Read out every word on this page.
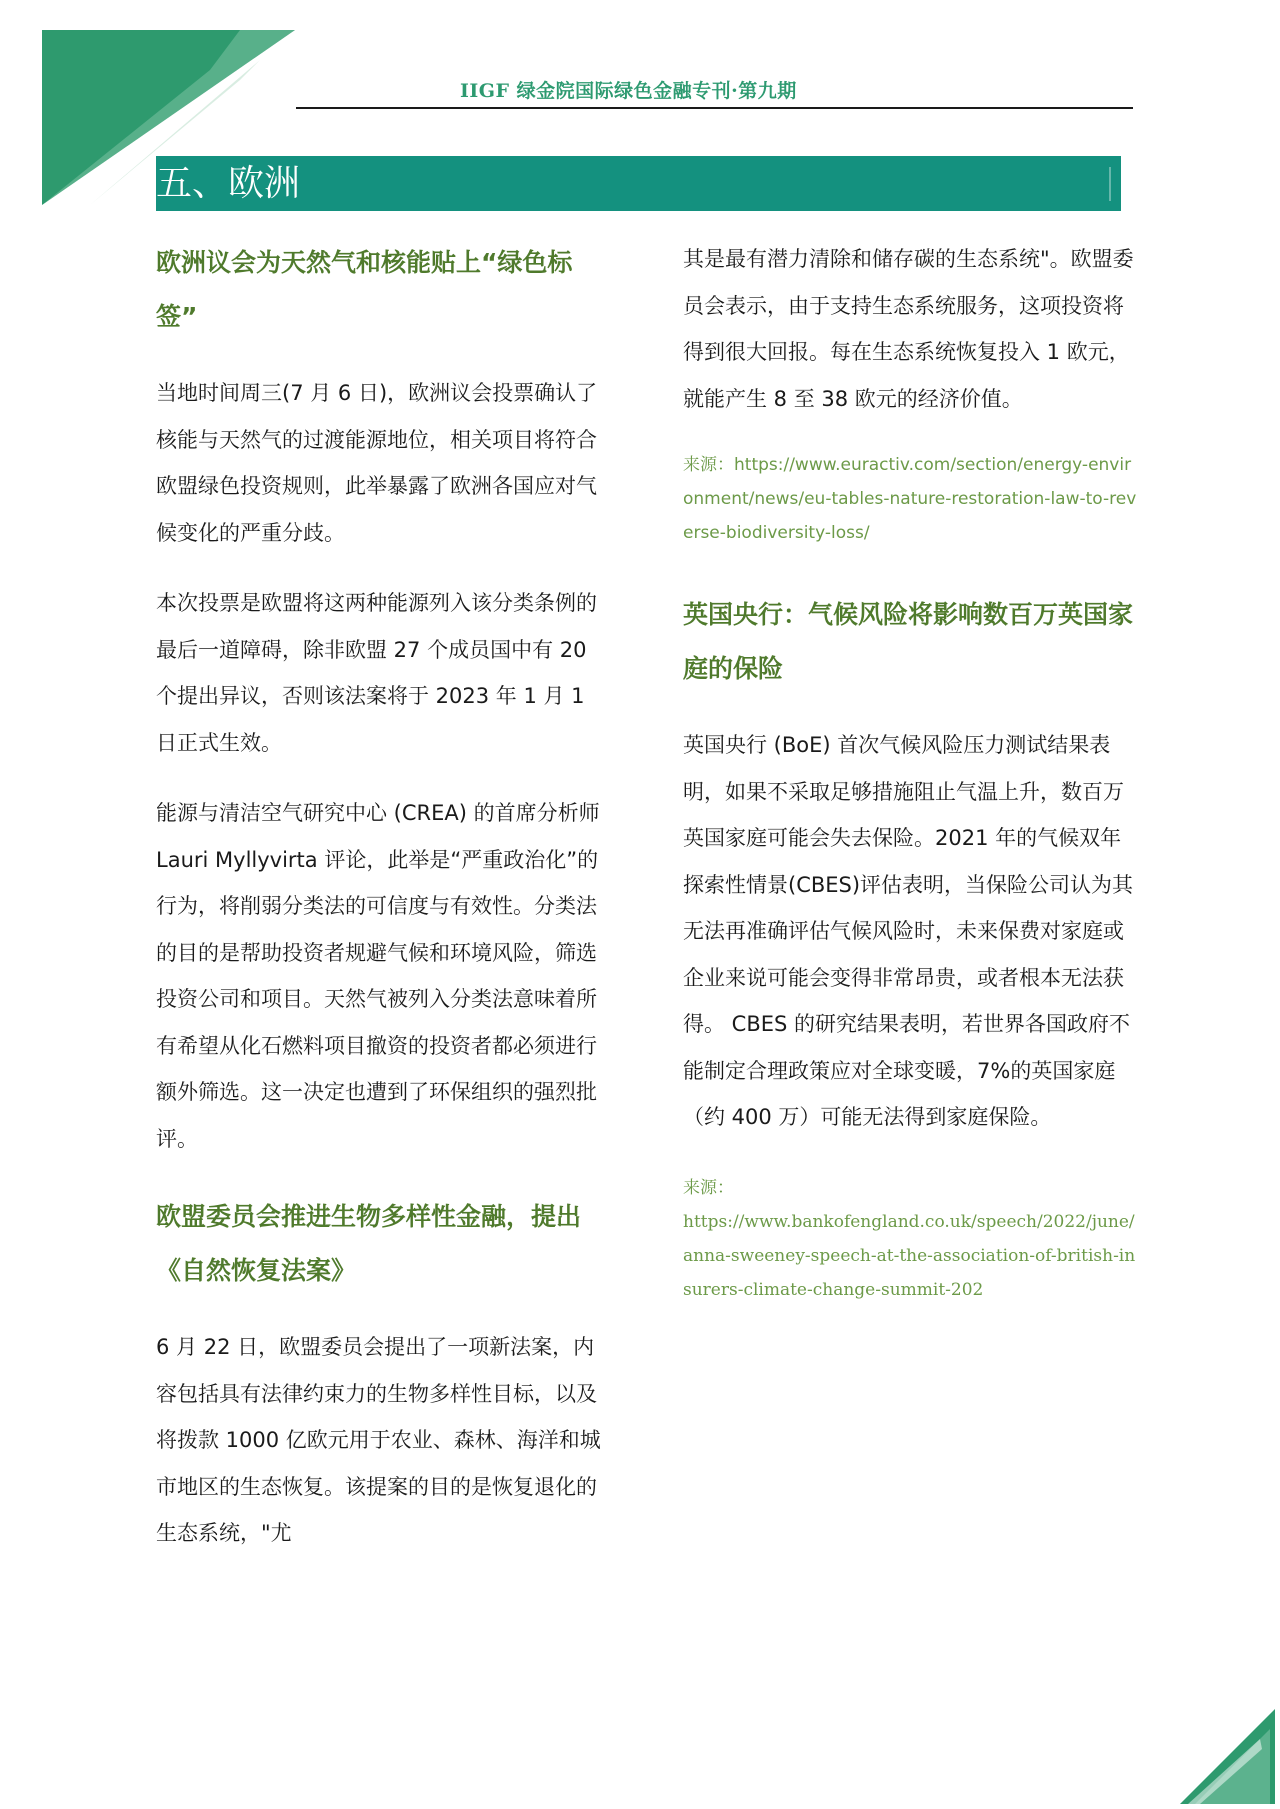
IIGF 绿金院国际绿色金融专刊·第九期
五、欧洲
欧洲议会为天然气和核能贴上“绿色标签”

当地时间周三(7 月 6 日)，欧洲议会投票确认了核能与天然气的过渡能源地位，相关项目将符合欧盟绿色投资规则，此举暴露了欧洲各国应对气候变化的严重分歧。

本次投票是欧盟将这两种能源列入该分类条例的最后一道障碍，除非欧盟 27 个成员国中有 20 个提出异议，否则该法案将于 2023 年 1 月 1 日正式生效。

能源与清洁空气研究中心 (CREA) 的首席分析师 Lauri Myllyvirta 评论，此举是“严重政治化”的行为，将削弱分类法的可信度与有效性。分类法的目的是帮助投资者规避气候和环境风险，筛选投资公司和项目。天然气被列入分类法意味着所有希望从化石燃料项目撤资的投资者都必须进行额外筛选。这一决定也遭到了环保组织的强烈批评。

欧盟委员会推进生物多样性金融，提出《自然恢复法案》

6 月 22 日，欧盟委员会提出了一项新法案，内容包括具有法律约束力的生物多样性目标，以及将拨款 1000 亿欧元用于农业、森林、海洋和城市地区的生态恢复。该提案的目的是恢复退化的生态系统，"尤

其是最有潜力清除和储存碳的生态系统"。欧盟委员会表示，由于支持生态系统服务，这项投资将得到很大回报。每在生态系统恢复投入 1 欧元，就能产生 8 至 38 欧元的经济价值。

来源：https://www.euractiv.com/section/energy-environment/news/eu-tables-nature-restoration-law-to-reverse-biodiversity-loss/

英国央行：气候风险将影响数百万英国家庭的保险

英国央行 (BoE) 首次气候风险压力测试结果表明，如果不采取足够措施阻止气温上升，数百万英国家庭可能会失去保险。2021 年的气候双年探索性情景(CBES)评估表明，当保险公司认为其无法再准确评估气候风险时，未来保费对家庭或企业来说可能会变得非常昂贵，或者根本无法获得。 CBES 的研究结果表明，若世界各国政府不能制定合理政策应对全球变暖，7%的英国家庭（约 400 万）可能无法得到家庭保险。

来源：

https://www.bankofengland.co.uk/speech/2022/june/anna-sweeney-speech-at-the-association-of-british-insurers-climate-change-summit-202
